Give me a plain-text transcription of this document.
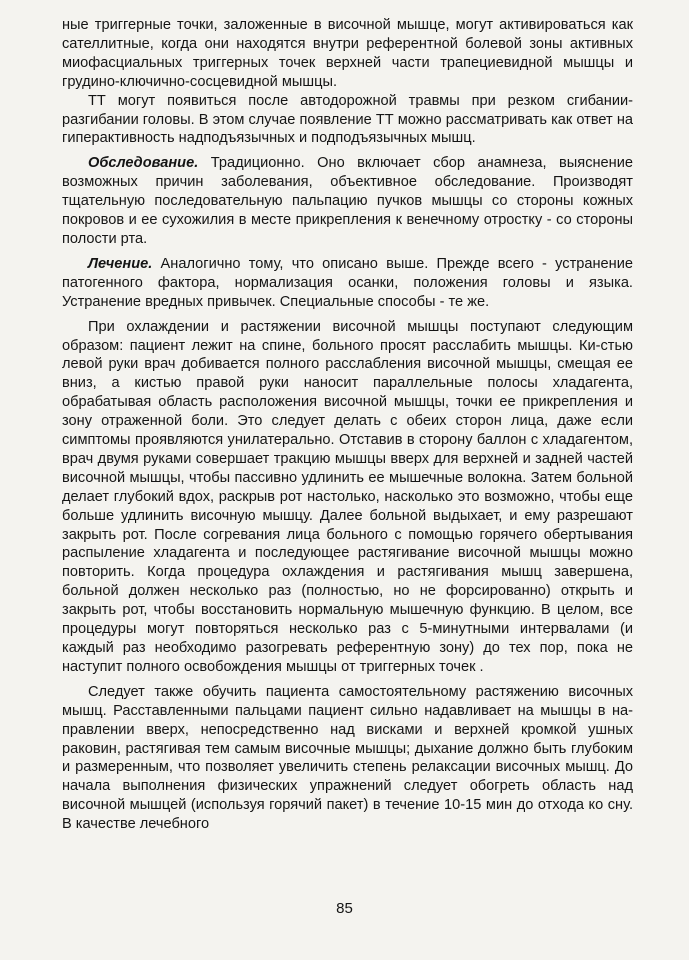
ные триггерные точки, заложенные в височной мышце, могут активироваться как сателлитные, когда они находятся внутри референтной болевой зоны активных миофасциальных триггерных точек верхней части трапециевидной мышцы и грудино-ключично-сосцевидной мышцы.

ТТ могут появиться после автодорожной травмы при резком сгибании-разгибании головы. В этом случае появление ТТ можно рассматривать как ответ на гиперактивность надподъязычных и подподъязычных мышц.

Обследование. Традиционно. Оно включает сбор анамнеза, выяснение возможных причин заболевания, объективное обследование. Производят тщательную последовательную пальпацию пучков мышцы со стороны кожных покровов и ее сухожилия в месте прикрепления к венечному отростку - со стороны полости рта.

Лечение. Аналогично тому, что описано выше. Прежде всего - устранение патогенного фактора, нормализация осанки, положения головы и языка. Устранение вредных привычек. Специальные способы - те же.

При охлаждении и растяжении височной мышцы поступают следующим образом: пациент лежит на спине, больного просят расслабить мышцы. Ки-стью левой руки врач добивается полного расслабления височной мышцы, смещая ее вниз, а кистью правой руки наносит параллельные полосы хладагента, обрабатывая область расположения височной мышцы, точки ее прикрепления и зону отраженной боли. Это следует делать с обеих сторон лица, даже если симптомы проявляются унилатерально. Отставив в сторону баллон с хладагентом, врач двумя руками совершает тракцию мышцы вверх для верхней и задней частей височной мышцы, чтобы пассивно удлинить ее мышечные волокна. Затем больной делает глубокий вдох, раскрыв рот настолько, насколько это возможно, чтобы еще больше удлинить височную мышцу. Далее больной выдыхает, и ему разрешают закрыть рот. После согревания лица больного с помощью горячего обертывания распыление хладагента и последующее растягивание височной мышцы можно повторить. Когда процедура охлаждения и растягивания мышц завершена, больной должен несколько раз (полностью, но не форсированно) открыть и закрыть рот, чтобы восстановить нормальную мышечную функцию. В целом, все процедуры могут повторяться несколько раз с 5-минутными интервалами (и каждый раз необходимо разогревать референтную зону) до тех пор, пока не наступит полного освобождения мышцы от триггерных точек .

Следует также обучить пациента самостоятельному растяжению височных мышц. Расставленными пальцами пациент сильно надавливает на мышцы в на-правлении вверх, непосредственно над висками и верхней кромкой ушных раковин, растягивая тем самым височные мышцы; дыхание должно быть глубоким и размеренным, что позволяет увеличить степень релаксации височных мышц. До начала выполнения физических упражнений следует обогреть область над височной мышцей (используя горячий пакет) в течение 10-15 мин до отхода ко сну. В качестве лечебного

85
